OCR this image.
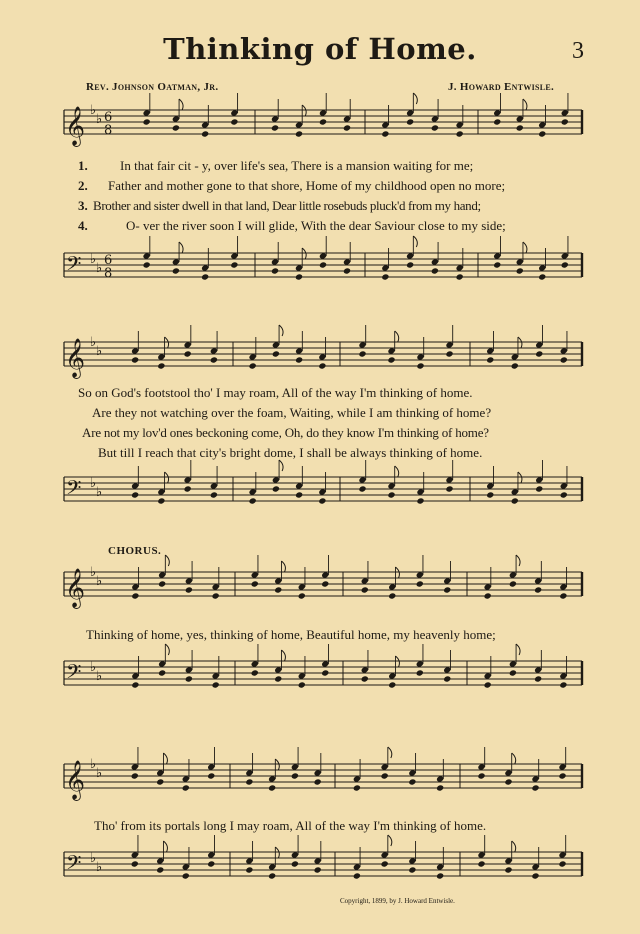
Thinking of Home.	3
Rev. Johnson Oatman, Jr.	J. Howard Entwisle.
𝄞 ♭
♭ 6
8
𝄢 ♭
♭
6
8
𝄞 ♭
♭
𝄢 ♭
♭
𝄞 ♭
♭
𝄢 ♭
♭
𝄞 ♭
♭
𝄢 ♭
♭
1.
2.
3.
4.
In that fair cit - y, over life's sea, There is a mansion waiting for me;
Father and mother gone to that shore, Home of my childhood open no more;
Brother and sister dwell in that land, Dear little rosebuds pluck'd from my hand;
O- ver the river soon I will glide, With the dear Saviour close to my side;
So on God's footstool tho' I may roam, All of the way I'm thinking of home.
Are they not watching over the foam, Waiting, while I am thinking of home?
Are not my lov'd ones beckoning come, Oh, do they know I'm thinking of home?
But till I reach that city's bright dome, I shall be always thinking of home.
CHORUS.
Thinking of home, yes, thinking of home, Beautiful home, my heavenly home;
Tho' from its portals long I may roam, All of the way I'm thinking of home.
Copyright, 1899, by J. Howard Entwisle.
